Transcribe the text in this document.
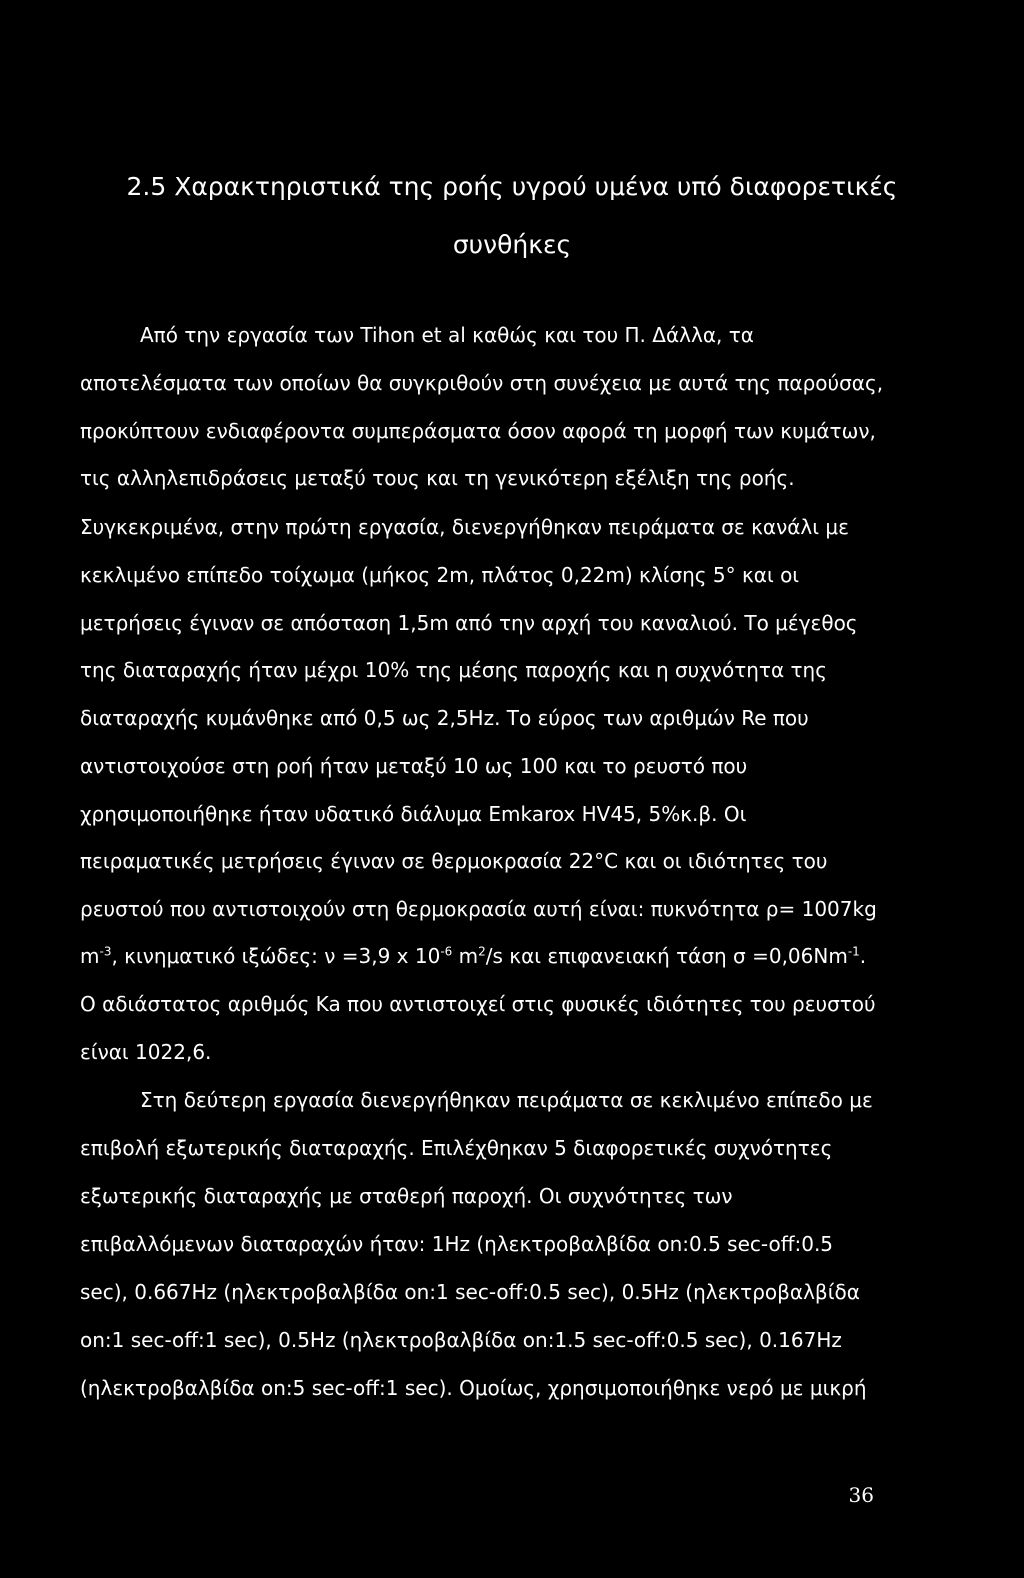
2.5 Χαρακτηριστικά της ροής υγρού υμένα υπό διαφορετικές
συνθήκες
Από την εργασία των Tihon et al καθώς και του Π. Δάλλα, τα
αποτελέσματα των οποίων θα συγκριθούν στη συνέχεια με αυτά της παρούσας,
προκύπτουν ενδιαφέροντα συμπεράσματα όσον αφορά τη μορφή των κυμάτων,
τις αλληλεπιδράσεις μεταξύ τους και τη γενικότερη εξέλιξη της ροής.
Συγκεκριμένα, στην πρώτη εργασία, διενεργήθηκαν πειράματα σε κανάλι με
κεκλιμένο επίπεδο τοίχωμα (μήκος 2m, πλάτος 0,22m) κλίσης 5° και οι
μετρήσεις έγιναν σε απόσταση 1,5m από την αρχή του καναλιού. Το μέγεθος
της διαταραχής ήταν μέχρι 10% της μέσης παροχής και η συχνότητα της
διαταραχής κυμάνθηκε από 0,5 ως 2,5Hz. Το εύρος των αριθμών Re που
αντιστοιχούσε στη ροή ήταν μεταξύ 10 ως 100 και το ρευστό που
χρησιμοποιήθηκε ήταν υδατικό διάλυμα Emkarox HV45, 5%κ.β. Οι
πειραματικές μετρήσεις έγιναν σε θερμοκρασία 22°C και οι ιδιότητες του
ρευστού που αντιστοιχούν στη θερμοκρασία αυτή είναι: πυκνότητα ρ= 1007kg
$m^{-3}$, κινηματικό ιξώδες: ν =3,9 x $10^{-6}$ $m^2/s$ και επιφανειακή τάση $\sigma =0,06Nm^{-1}$.
Ο αδιάστατος αριθμός Ka που αντιστοιχεί στις φυσικές ιδιότητες του ρευστού
είναι 1022,6.
Στη δεύτερη εργασία διενεργήθηκαν πειράματα σε κεκλιμένο επίπεδο με
επιβολή εξωτερικής διαταραχής. Επιλέχθηκαν 5 διαφορετικές συχνότητες
εξωτερικής διαταραχής με σταθερή παροχή. Οι συχνότητες των
επιβαλλόμενων διαταραχών ήταν: 1Hz (ηλεκτροβαλβίδα on:0.5 sec-off:0.5
sec), 0.667Hz (ηλεκτροβαλβίδα on:1 sec-off:0.5 sec), 0.5Hz (ηλεκτροβαλβίδα
on:1 sec-off:1 sec), 0.5Hz (ηλεκτροβαλβίδα on:1.5 sec-off:0.5 sec), 0.167Hz
(ηλεκτροβαλβίδα on:5 sec-off:1 sec). Ομοίως, χρησιμοποιήθηκε νερό με μικρή
36
